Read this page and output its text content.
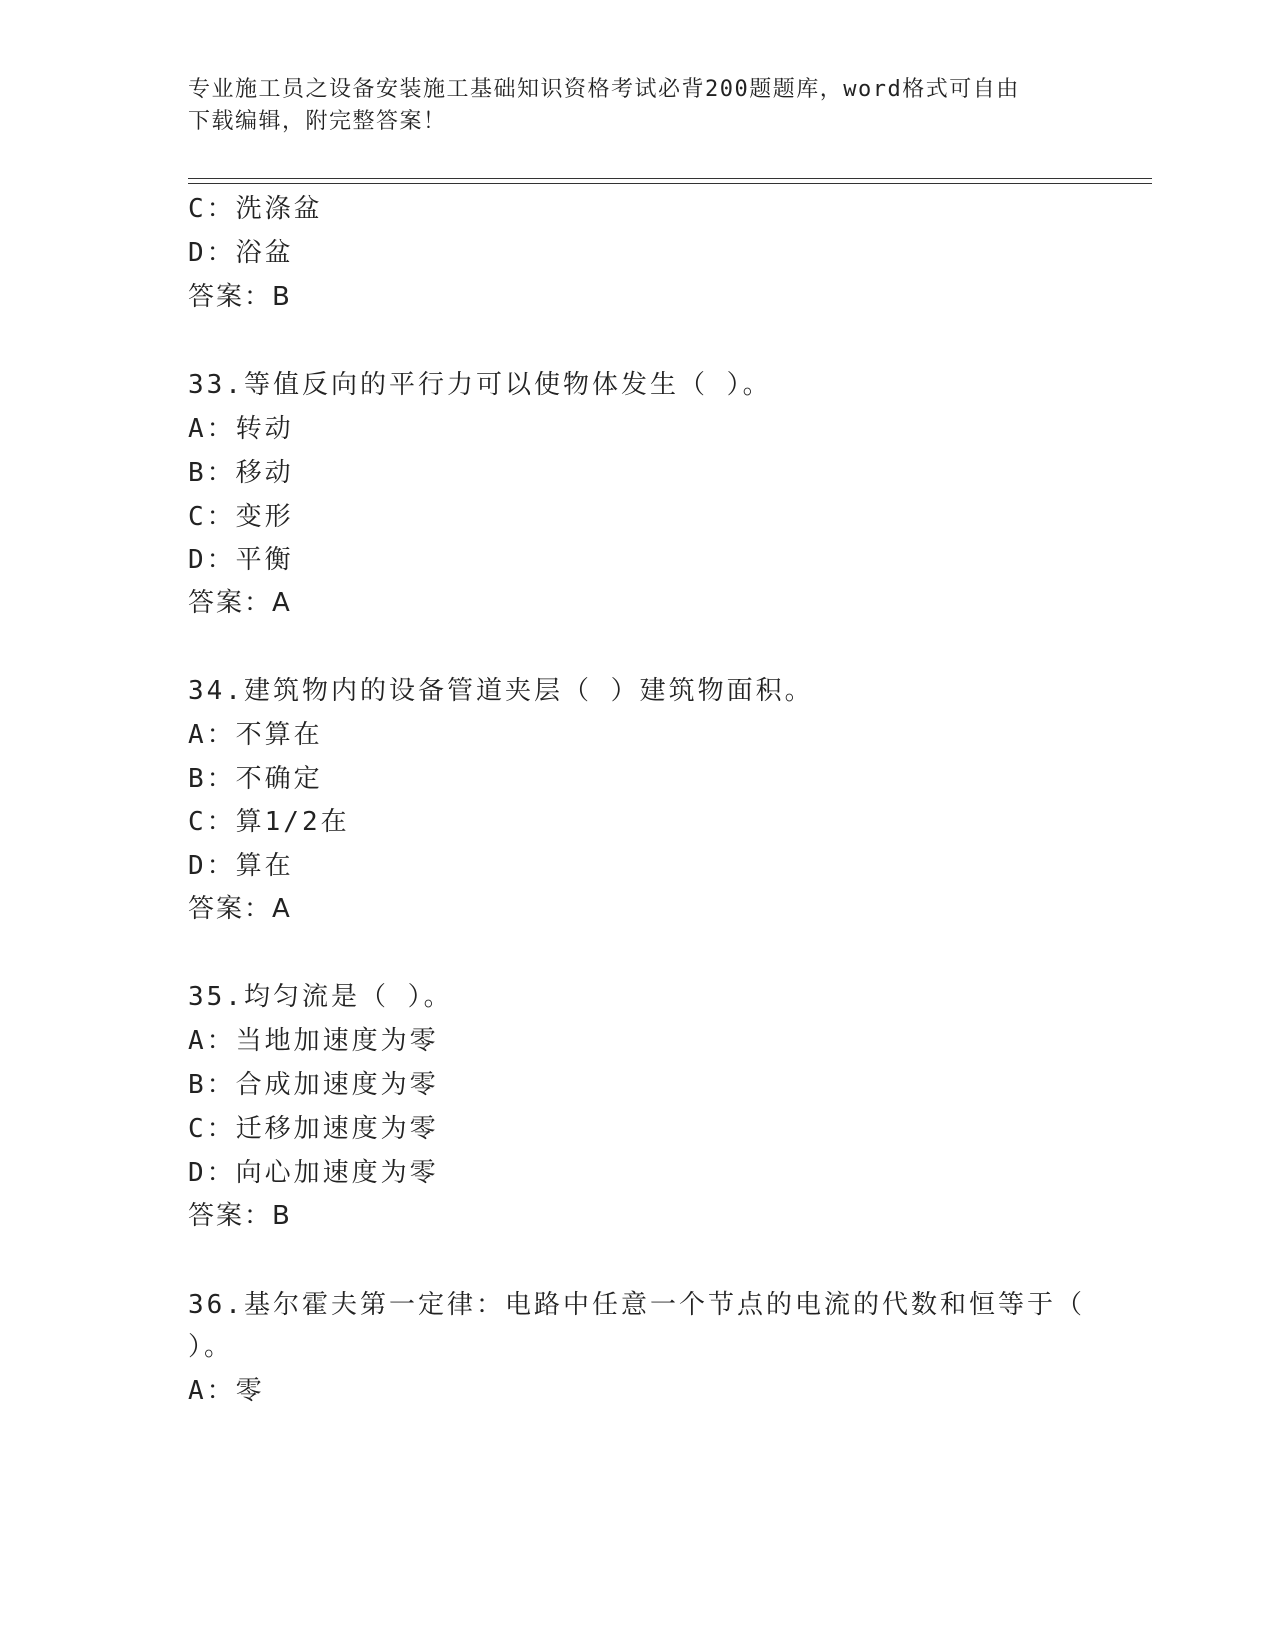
专业施工员之设备安装施工基础知识资格考试必背200题题库，word格式可自由
下载编辑，附完整答案！
C：洗涤盆
D：浴盆
答案：B
33.等值反向的平行力可以使物体发生（ ）。
A：转动
B：移动
C：变形
D：平衡
答案：A
34.建筑物内的设备管道夹层（ ）建筑物面积。
A：不算在
B：不确定
C：算1/2在
D：算在
答案：A
35.均匀流是（ ）。
A：当地加速度为零
B：合成加速度为零
C：迁移加速度为零
D：向心加速度为零
答案：B
36.基尔霍夫第一定律：电路中任意一个节点的电流的代数和恒等于（
）。
A：零
